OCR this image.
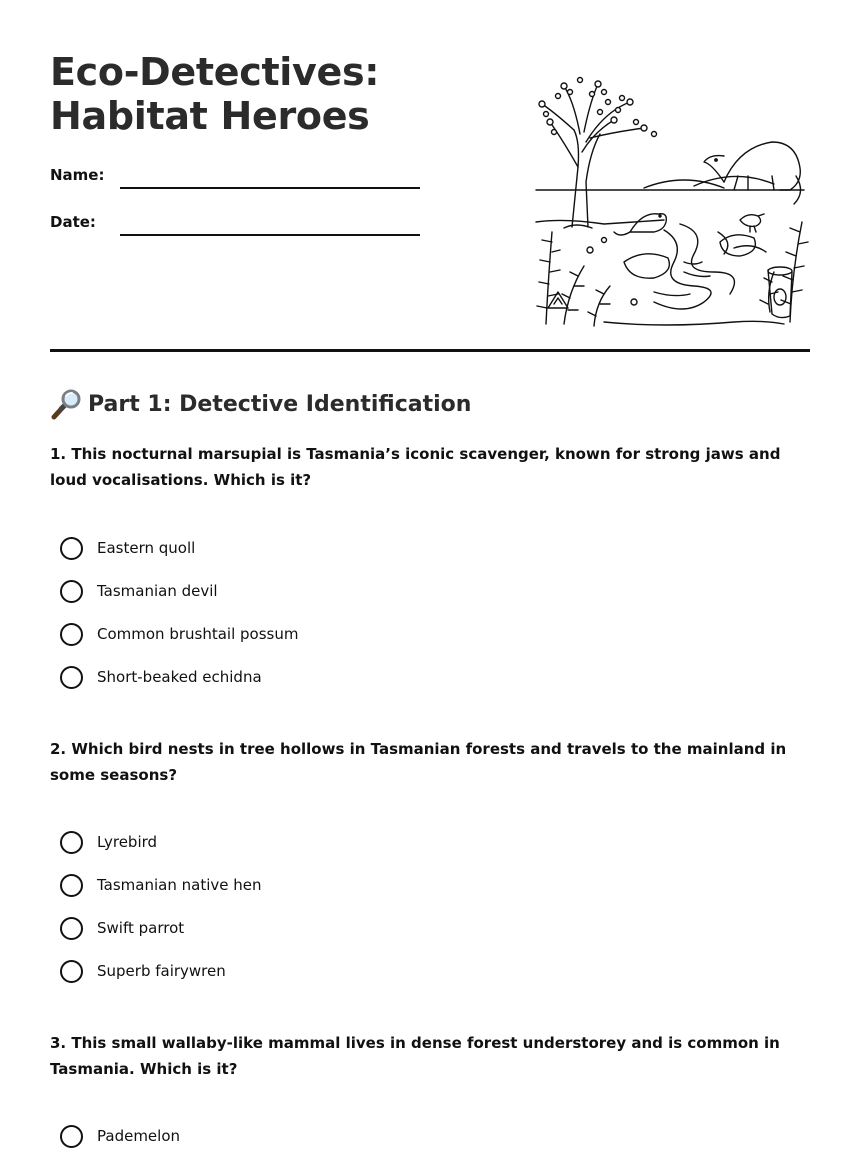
Eco-Detectives: Habitat Heroes
Name:
Date:
Part 1: Detective Identification

1. This nocturnal marsupial is Tasmania’s iconic scavenger, known for strong jaws and loud vocalisations. Which is it?

Eastern quoll
Tasmanian devil
Common brushtail possum
Short-beaked echidna

2. Which bird nests in tree hollows in Tasmanian forests and travels to the mainland in some seasons?

Lyrebird
Tasmanian native hen
Swift parrot
Superb fairywren

3. This small wallaby-like mammal lives in dense forest understorey and is common in Tasmania. Which is it?

Pademelon
